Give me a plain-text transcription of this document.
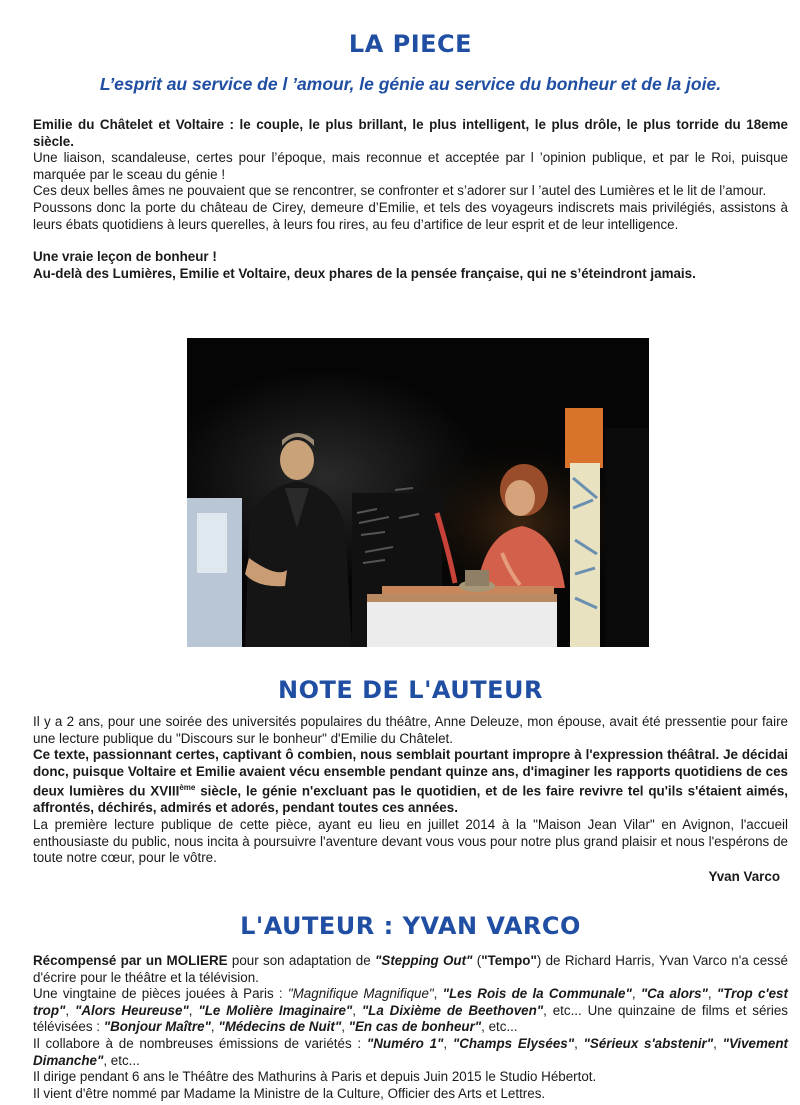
LA PIECE
L’esprit au service de l ’amour, le génie au service du bonheur et de la joie.

Emilie du Châtelet et Voltaire : le couple, le plus brillant, le plus intelligent, le plus drôle, le plus torride du 18eme siècle.

Une liaison, scandaleuse, certes pour l’époque, mais reconnue et acceptée par l ’opinion publique, et par le Roi, puisque marquée par le sceau du génie !

Ces deux belles âmes ne pouvaient que se rencontrer, se confronter et s’adorer sur l ’autel des Lumières et le lit de l’amour.

Poussons donc la porte du château de Cirey, demeure d’Emilie, et tels des voyageurs indiscrets mais privilégiés, assistons à leurs ébats quotidiens à leurs querelles, à leurs fou rires, au feu d’artifice de leur esprit et de leur intelligence.

Une vraie leçon de bonheur !

Au-delà des Lumières, Emilie et Voltaire, deux phares de la pensée française, qui ne s’éteindront jamais.

NOTE DE L'AUTEUR

Il y a 2 ans, pour une soirée des universités populaires du théâtre, Anne Deleuze, mon épouse, avait été pressentie pour faire une lecture publique du "Discours sur le bonheur" d'Emilie du Châtelet.

Ce texte, passionnant certes, captivant ô combien, nous semblait pourtant impropre à l'expression théâtral. Je décidai donc, puisque Voltaire et Emilie avaient vécu ensemble pendant quinze ans, d'imaginer les rapports quotidiens de ces deux lumières du XVIIIème siècle, le génie n'excluant pas le quotidien, et de les faire revivre tel qu'ils s'étaient aimés, affrontés, déchirés, admirés et adorés, pendant toutes ces années.

La première lecture publique de cette pièce, ayant eu lieu en juillet 2014 à la "Maison Jean Vilar" en Avignon, l'accueil enthousiaste du public, nous incita à poursuivre l'aventure devant vous vous pour notre plus grand plaisir et nous l'espérons de toute notre cœur, pour le vôtre.

Yvan Varco

L'AUTEUR : YVAN VARCO

Récompensé par un MOLIERE pour son adaptation de "Stepping Out" ("Tempo") de Richard Harris, Yvan Varco n'a cessé d'écrire pour le théâtre et la télévision.

Une vingtaine de pièces jouées à Paris : "Magnifique Magnifique", "Les Rois de la Communale", "Ca alors", "Trop c'est trop", "Alors Heureuse", "Le Molière Imaginaire", "La Dixième de Beethoven", etc... Une quinzaine de films et séries télévisées : "Bonjour Maître", "Médecins de Nuit", "En cas de bonheur", etc...

Il collabore à de nombreuses émissions de variétés : "Numéro 1", "Champs Elysées", "Sérieux s'abstenir", "Vivement Dimanche", etc...

Il dirige pendant 6 ans le Théâtre des Mathurins à Paris et depuis Juin 2015 le Studio Hébertot.

Il vient d'être nommé par Madame la Ministre de la Culture, Officier des Arts et Lettres.
